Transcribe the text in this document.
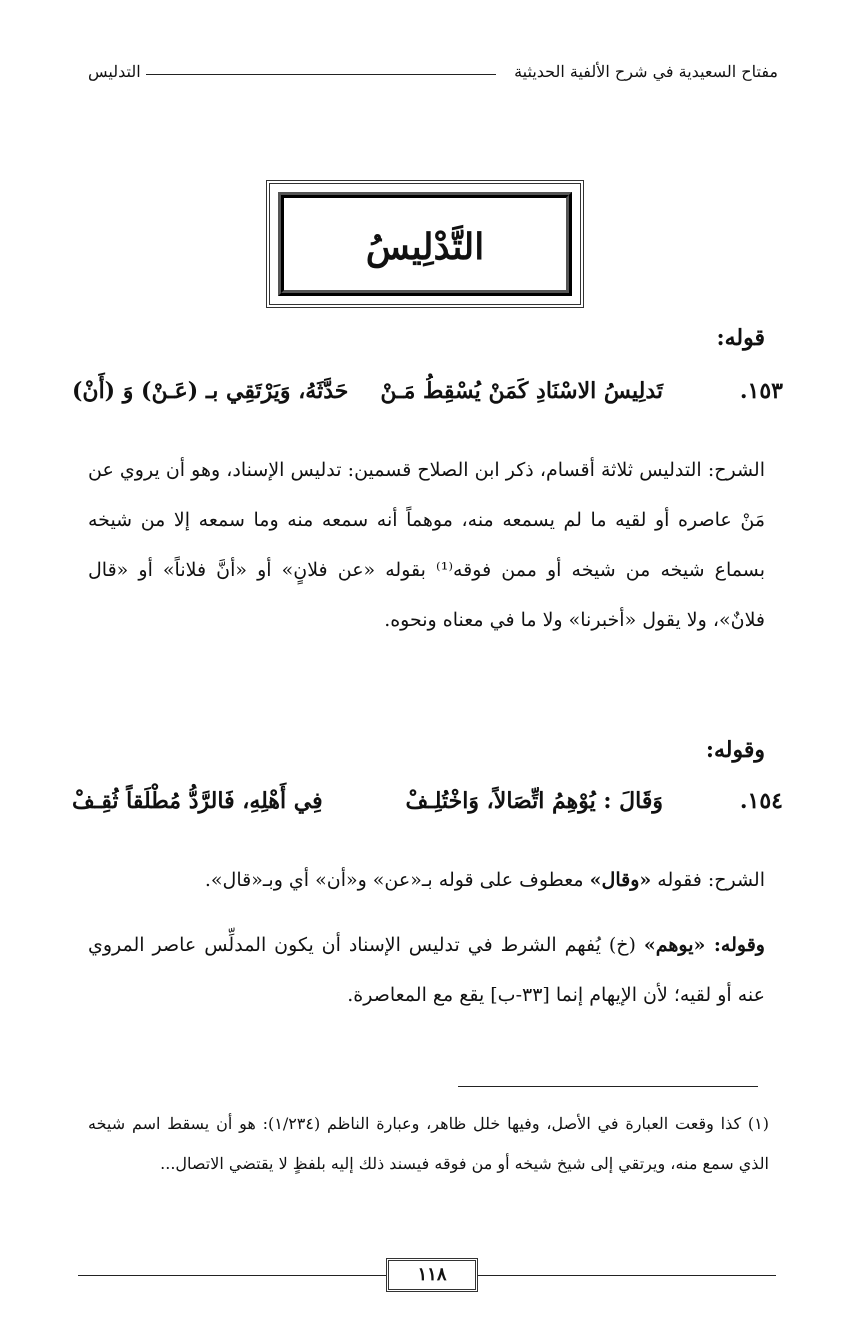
مفتاح السعيدية في شرح الألفية الحديثية
التدليس
التَّدْلِيسُ
قوله:
١٥٣.
تَدلِيسُ الاسْنَادِ كَمَنْ يُسْقِطُ مَـنْ
حَدَّثَهُ، وَيَرْتَقِي بـ (عَـنْ) وَ (أَنْ)
الشرح: التدليس ثلاثة أقسام، ذكر ابن الصلاح قسمين: تدليس الإسناد، وهو أن يروي عن مَنْ عاصره أو لقيه ما لم يسمعه منه، موهماً أنه سمعه منه وما سمعه إلا من شيخه بسماع شيخه من شيخه أو ممن فوقه⁽¹⁾ بقوله «عن فلانٍ» أو «أنَّ فلاناً» أو «قال فلانٌ»، ولا يقول «أخبرنا» ولا ما في معناه ونحوه.
وقوله:
١٥٤.
وَقَالَ : يُوْهِمُ اتِّصَالاً، وَاخْتُلِـفْ
فِي أَهْلِهِ، فَالرَّدُّ مُطْلَقاً ثُقِـفْ
الشرح: فقوله «وقال» معطوف على قوله بـ«عن» و«أن» أي وبـ«قال».
وقوله: «يوهم» (خ) يُفهم الشرط في تدليس الإسناد أن يكون المدلِّس عاصر المروي عنه أو لقيه؛ لأن الإيهام إنما [٣٣-ب] يقع مع المعاصرة.
(١) كذا وقعت العبارة في الأصل، وفيها خلل ظاهر، وعبارة الناظم (١/٢٣٤): هو أن يسقط اسم شيخه الذي سمع منه، ويرتقي إلى شيخ شيخه أو من فوقه فيسند ذلك إليه بلفظٍ لا يقتضي الاتصال...
١١٨
